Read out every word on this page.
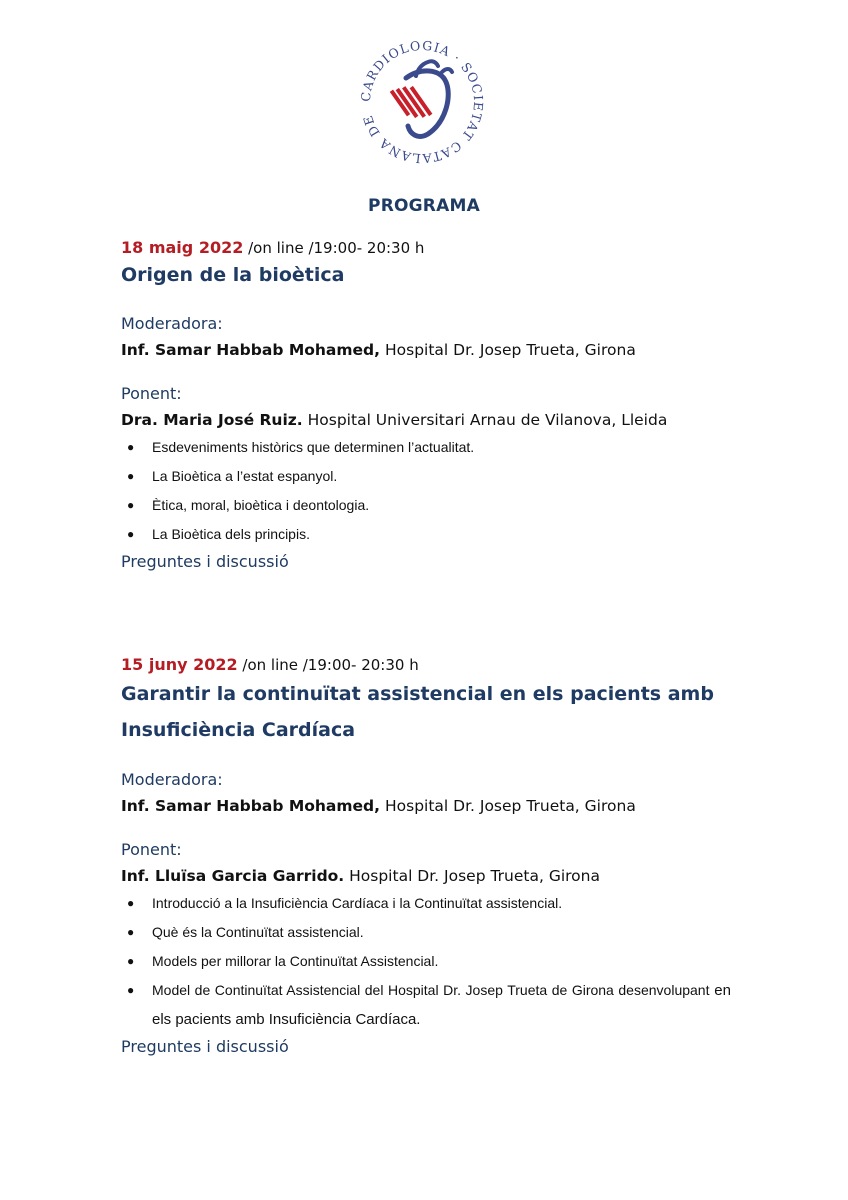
CARDIOLOGIA · SOCIETAT CATALANA DE
PROGRAMA
18 maig 2022 /on line /19:00- 20:30 h
Origen de la bioètica
Moderadora:
Inf. Samar Habbab Mohamed, Hospital Dr. Josep Trueta, Girona
Ponent:
Dra. Maria José Ruiz. Hospital Universitari Arnau de Vilanova, Lleida
● Esdeveniments històrics que determinen l’actualitat.
● La Bioètica a l’estat espanyol.
● Ètica, moral, bioètica i deontologia.
● La Bioètica dels principis.
Preguntes i discussió
15 juny 2022 /on line /19:00- 20:30 h
Garantir la continuïtat assistencial en els pacients amb Insuficiència Cardíaca
Moderadora:
Inf. Samar Habbab Mohamed, Hospital Dr. Josep Trueta, Girona
Ponent:
Inf. Lluïsa Garcia Garrido. Hospital Dr. Josep Trueta, Girona
● Introducció a la Insuficiència Cardíaca i la Continuïtat assistencial.
● Què és la Continuïtat assistencial.
● Models per millorar la Continuïtat Assistencial.
● Model de Continuïtat Assistencial del Hospital Dr. Josep Trueta de Girona desenvolupant en els pacients amb Insuficiència Cardíaca.
Preguntes i discussió
